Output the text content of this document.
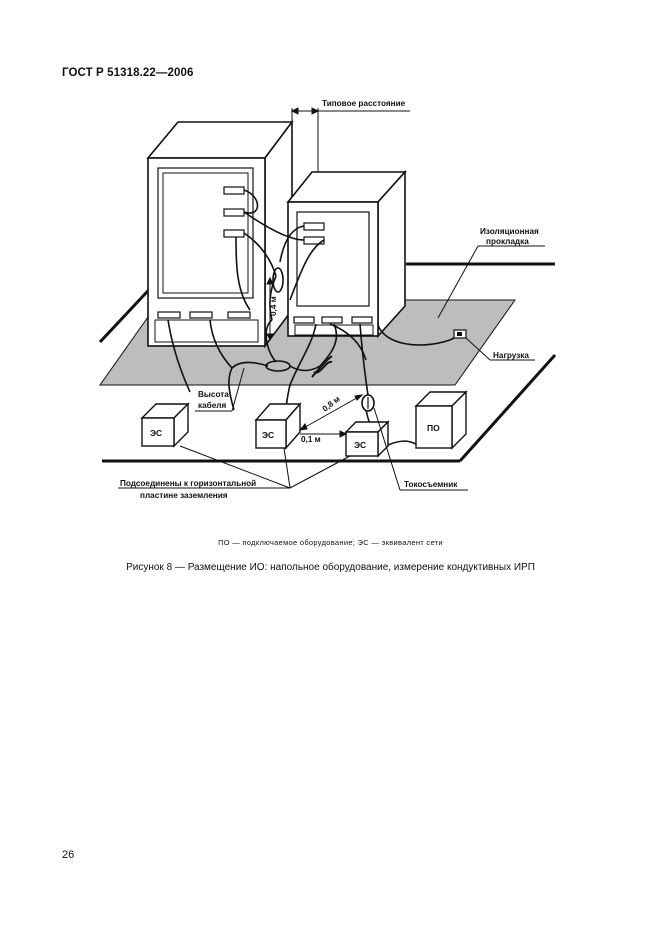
ГОСТ Р 51318.22—2006
ЭС	ЭС
ЭС
ПО
Типовое расстояние
0,4 м
0,8 м
0,1 м
Изоляционная
прокладка
Нагрузка
Высота
кабеля
Подсоединены к горизонтальной
пластине заземления
Токосъемник
ПО — подключаемое оборудование; ЭС — эквивалент сети
Рисунок 8 — Размещение ИО: напольное оборудование, измерение кондуктивных ИРП
26
